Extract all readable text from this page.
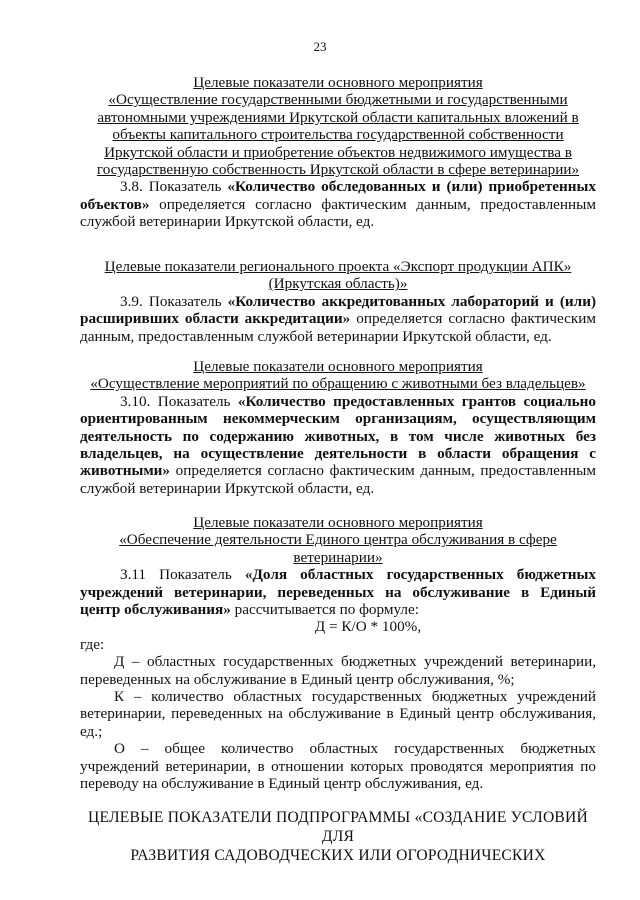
23

Целевые показатели основного мероприятия

«Осуществление государственными бюджетными и государственными

автономными учреждениями Иркутской области капитальных вложений в

объекты капитального строительства государственной собственности

Иркутской области и приобретение объектов недвижимого имущества в

государственную собственность Иркутской области в сфере ветеринарии»

3.8. Показатель «Количество обследованных и (или) приобретенных объектов» определяется согласно фактическим данным, предоставленным службой ветеринарии Иркутской области, ед.

Целевые показатели регионального проекта «Экспорт продукции АПК»

(Иркутская область)»

3.9. Показатель «Количество аккредитованных лабораторий и (или) расширивших области аккредитации» определяется согласно фактическим данным, предоставленным службой ветеринарии Иркутской области, ед.

Целевые показатели основного мероприятия

«Осуществление мероприятий по обращению с животными без владельцев»

3.10. Показатель «Количество предоставленных грантов социально ориентированным некоммерческим организациям, осуществляющим деятельность по содержанию животных, в том числе животных без владельцев, на осуществление деятельности в области обращения с животными» определяется согласно фактическим данным, предоставленным службой ветеринарии Иркутской области, ед.

Целевые показатели основного мероприятия

«Обеспечение деятельности Единого центра обслуживания в сфере

ветеринарии»

3.11 Показатель «Доля областных государственных бюджетных учреждений ветеринарии, переведенных на обслуживание в Единый центр обслуживания» рассчитывается по формуле:

Д = К/О * 100%,

где:

Д – областных государственных бюджетных учреждений ветеринарии, переведенных на обслуживание в Единый центр обслуживания, %;

К – количество областных государственных бюджетных учреждений ветеринарии, переведенных на обслуживание в Единый центр обслуживания, ед.;

О – общее количество областных государственных бюджетных учреждений ветеринарии, в отношении которых проводятся мероприятия по переводу на обслуживание в Единый центр обслуживания, ед.

ЦЕЛЕВЫЕ ПОКАЗАТЕЛИ ПОДПРОГРАММЫ «СОЗДАНИЕ УСЛОВИЙ ДЛЯ

РАЗВИТИЯ САДОВОДЧЕСКИХ ИЛИ ОГОРОДНИЧЕСКИХ
